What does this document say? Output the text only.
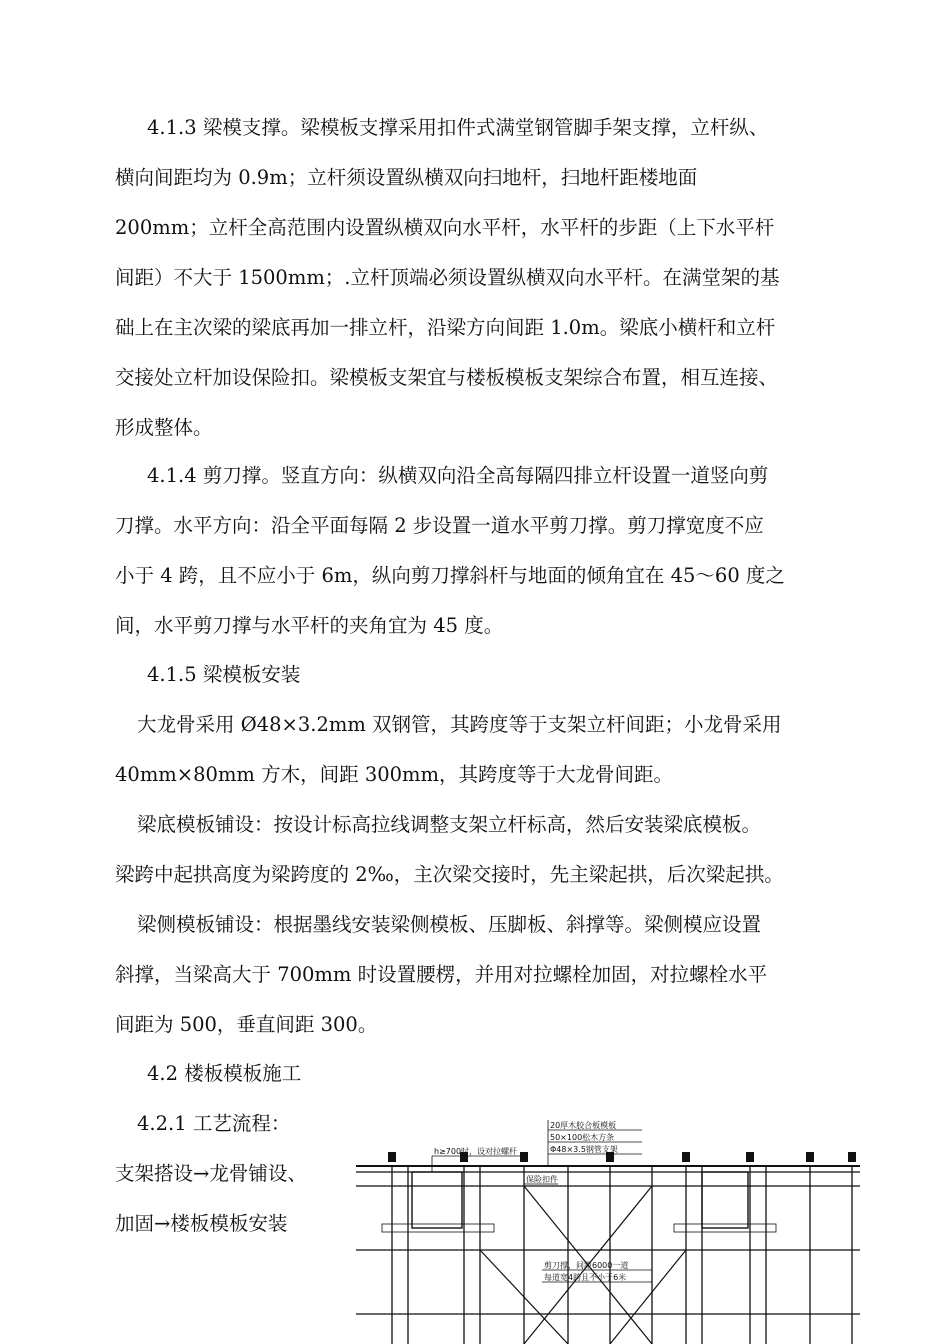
4.1.3 梁模支撑。梁模板支撑采用扣件式满堂钢管脚手架支撑，立杆纵、
横向间距均为 0.9m；立杆须设置纵横双向扫地杆，扫地杆距楼地面
200mm；立杆全高范围内设置纵横双向水平杆，水平杆的步距（上下水平杆
间距）不大于 1500mm；.立杆顶端必须设置纵横双向水平杆。在满堂架的基
础上在主次梁的梁底再加一排立杆，沿梁方向间距 1.0m。梁底小横杆和立杆
交接处立杆加设保险扣。梁模板支架宜与楼板模板支架综合布置，相互连接、
形成整体。
4.1.4 剪刀撑。竖直方向：纵横双向沿全高每隔四排立杆设置一道竖向剪
刀撑。水平方向：沿全平面每隔 2 步设置一道水平剪刀撑。剪刀撑宽度不应
小于 4 跨，且不应小于 6m，纵向剪刀撑斜杆与地面的倾角宜在 45～60 度之
间，水平剪刀撑与水平杆的夹角宜为 45 度。
4.1.5 梁模板安装
大龙骨采用 Ø48×3.2mm 双钢管，其跨度等于支架立杆间距；小龙骨采用
40mm×80mm 方木，间距 300mm，其跨度等于大龙骨间距。
梁底模板铺设：按设计标高拉线调整支架立杆标高，然后安装梁底模板。
梁跨中起拱高度为梁跨度的 2‰，主次梁交接时，先主梁起拱，后次梁起拱。
梁侧模板铺设：根据墨线安装梁侧模板、压脚板、斜撑等。梁侧模应设置
斜撑，当梁高大于 700mm 时设置腰楞，并用对拉螺栓加固，对拉螺栓水平
间距为 500，垂直间距 300。
4.2 楼板模板施工
4.2.1 工艺流程：
支架搭设→龙骨铺设、
加固→楼板模板安装
20厚木胶合板模板
50×100松木方条
Φ48×3.5钢管支架
h≥700时，设对拉螺杆
保险扣件
剪刀撑，间距6000一道
每道宽4跨且不小于6米
